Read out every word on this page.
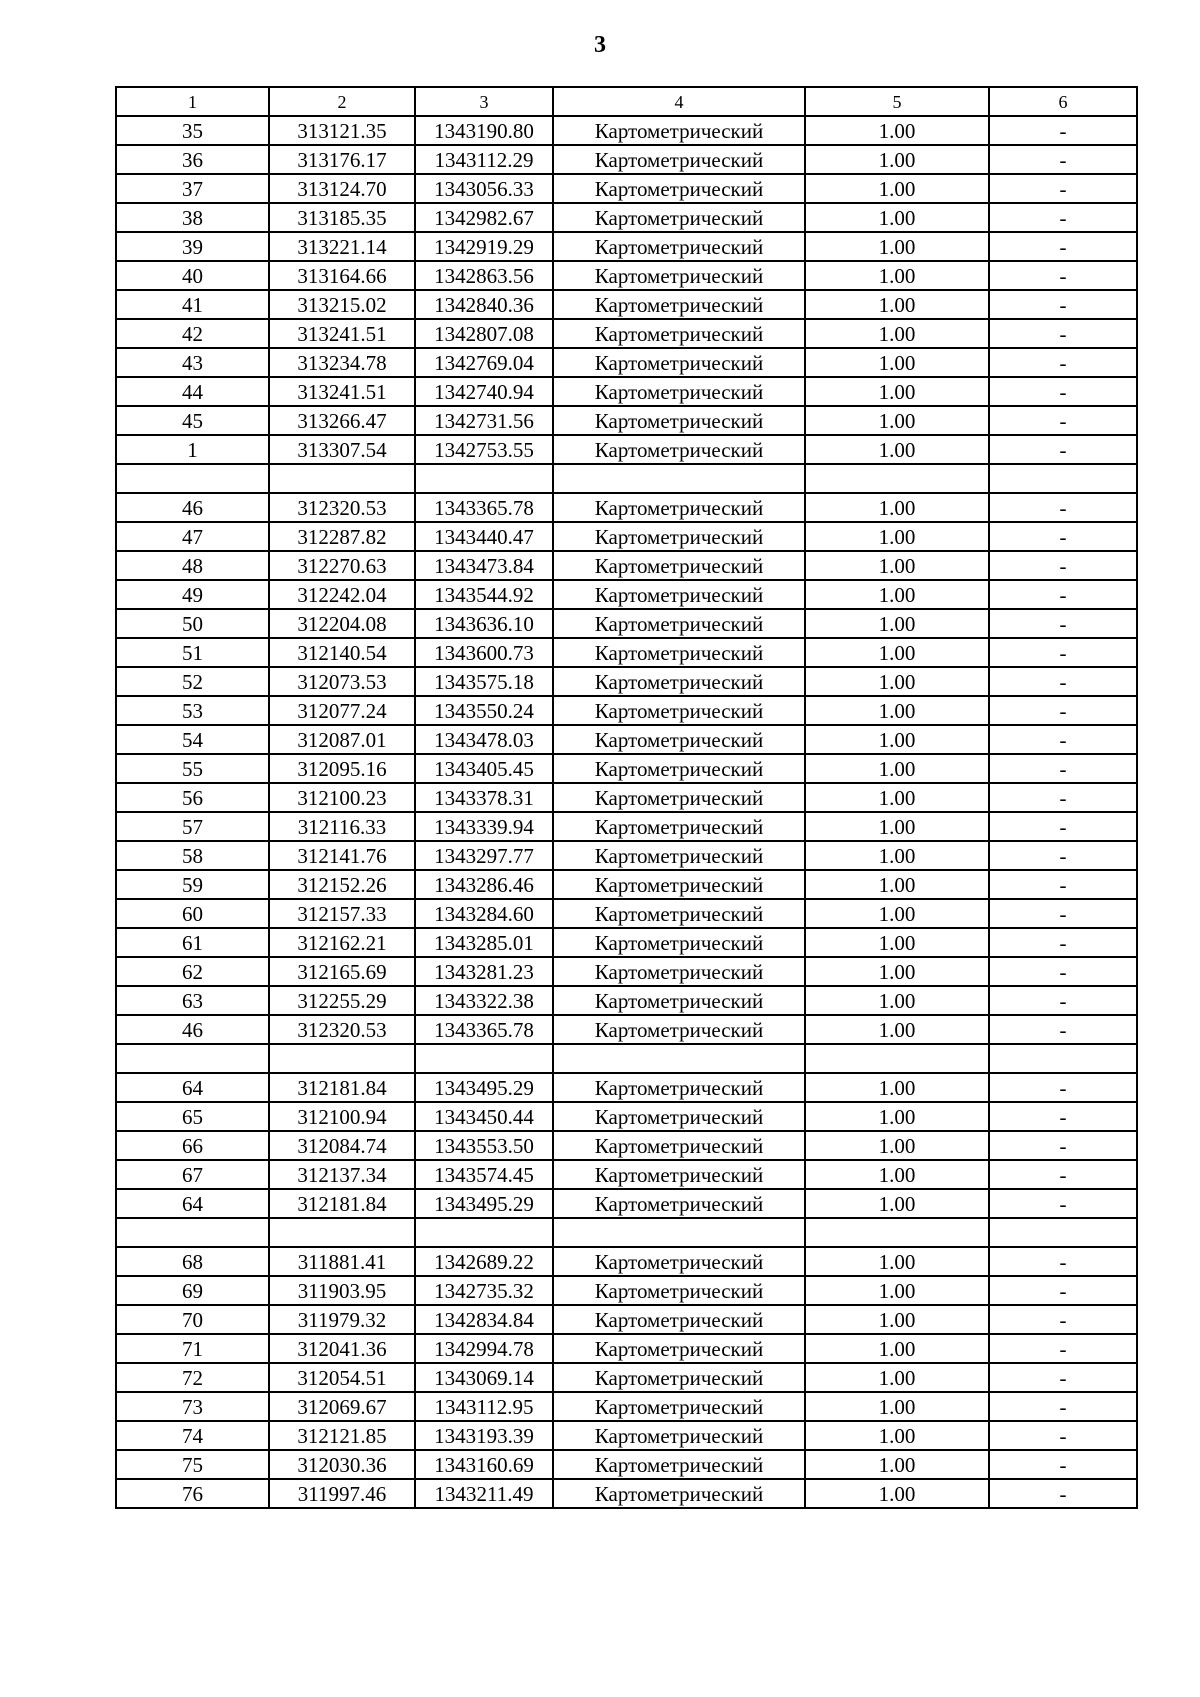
3
1	2	3	4	5	6
35	313121.35	1343190.80	Картометрический	1.00	-
36	313176.17	1343112.29	Картометрический	1.00	-
37	313124.70	1343056.33	Картометрический	1.00	-
38	313185.35	1342982.67	Картометрический	1.00	-
39	313221.14	1342919.29	Картометрический	1.00	-
40	313164.66	1342863.56	Картометрический	1.00	-
41	313215.02	1342840.36	Картометрический	1.00	-
42	313241.51	1342807.08	Картометрический	1.00	-
43	313234.78	1342769.04	Картометрический	1.00	-
44	313241.51	1342740.94	Картометрический	1.00	-
45	313266.47	1342731.56	Картометрический	1.00	-
1	313307.54	1342753.55	Картометрический	1.00	-

46	312320.53	1343365.78	Картометрический	1.00	-
47	312287.82	1343440.47	Картометрический	1.00	-
48	312270.63	1343473.84	Картометрический	1.00	-
49	312242.04	1343544.92	Картометрический	1.00	-
50	312204.08	1343636.10	Картометрический	1.00	-
51	312140.54	1343600.73	Картометрический	1.00	-
52	312073.53	1343575.18	Картометрический	1.00	-
53	312077.24	1343550.24	Картометрический	1.00	-
54	312087.01	1343478.03	Картометрический	1.00	-
55	312095.16	1343405.45	Картометрический	1.00	-
56	312100.23	1343378.31	Картометрический	1.00	-
57	312116.33	1343339.94	Картометрический	1.00	-
58	312141.76	1343297.77	Картометрический	1.00	-
59	312152.26	1343286.46	Картометрический	1.00	-
60	312157.33	1343284.60	Картометрический	1.00	-
61	312162.21	1343285.01	Картометрический	1.00	-
62	312165.69	1343281.23	Картометрический	1.00	-
63	312255.29	1343322.38	Картометрический	1.00	-
46	312320.53	1343365.78	Картометрический	1.00	-

64	312181.84	1343495.29	Картометрический	1.00	-
65	312100.94	1343450.44	Картометрический	1.00	-
66	312084.74	1343553.50	Картометрический	1.00	-
67	312137.34	1343574.45	Картометрический	1.00	-
64	312181.84	1343495.29	Картометрический	1.00	-

68	311881.41	1342689.22	Картометрический	1.00	-
69	311903.95	1342735.32	Картометрический	1.00	-
70	311979.32	1342834.84	Картометрический	1.00	-
71	312041.36	1342994.78	Картометрический	1.00	-
72	312054.51	1343069.14	Картометрический	1.00	-
73	312069.67	1343112.95	Картометрический	1.00	-
74	312121.85	1343193.39	Картометрический	1.00	-
75	312030.36	1343160.69	Картометрический	1.00	-
76	311997.46	1343211.49	Картометрический	1.00	-
